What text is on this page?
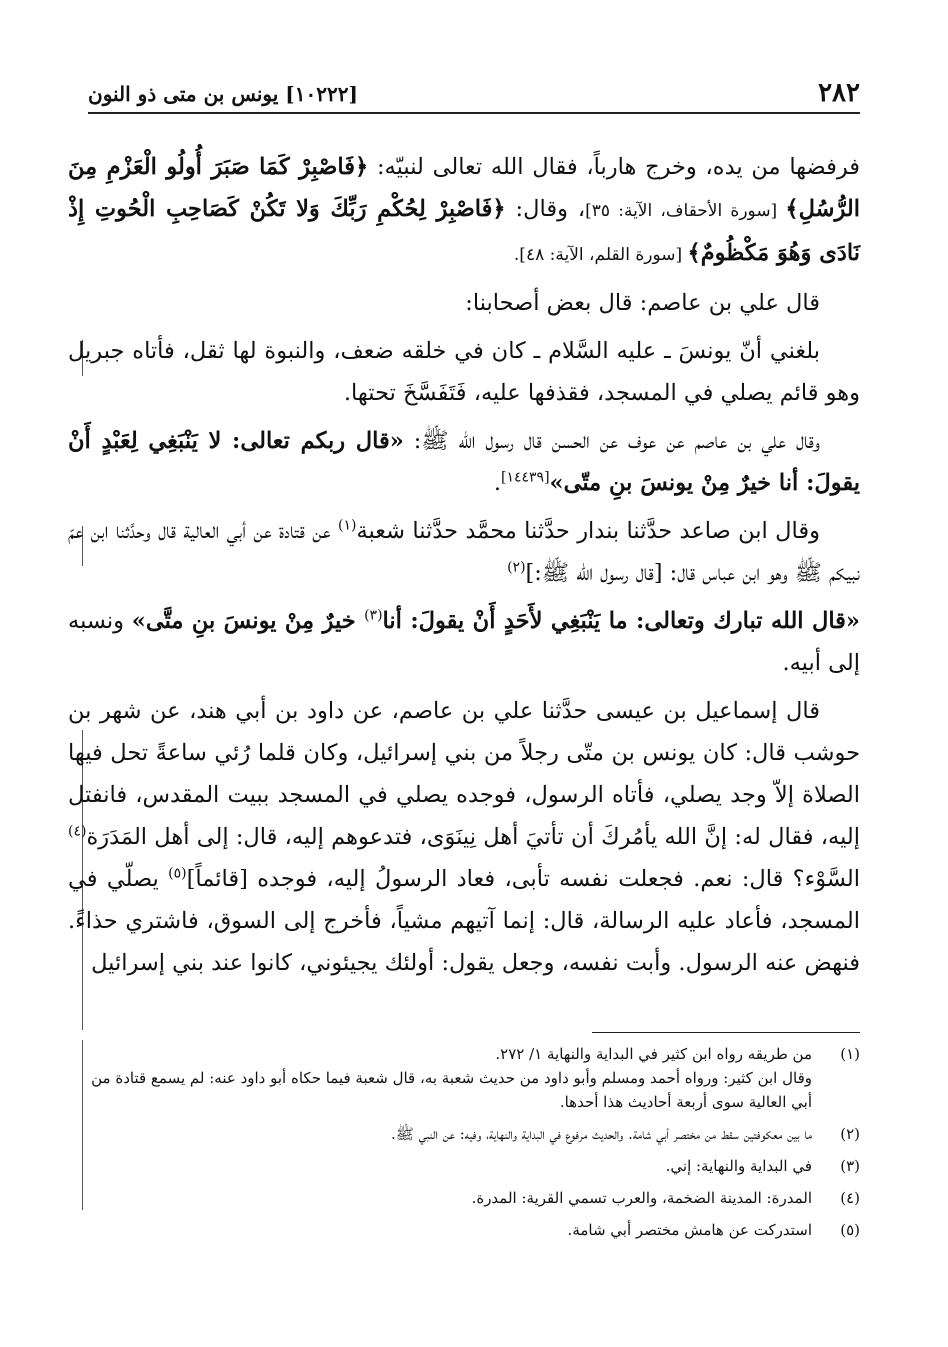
٢٨٢
[١٠٢٢٢] يونس بن متى ذو النون

فرفضها من يده، وخرج هارباً، فقال الله تعالى لنبيّه: ﴿فَاصْبِرْ كَمَا صَبَرَ أُولُو الْعَزْمِ مِنَ الرُّسُلِ﴾ [سورة الأحقاف، الآية: ٣٥]، وقال: ﴿فَاصْبِرْ لِحُكْمِ رَبِّكَ وَلا تَكُنْ كَصَاحِبِ الْحُوتِ إِذْ نَادَى وَهُوَ مَكْظُومٌ﴾ [سورة القلم، الآية: ٤٨].

قال علي بن عاصم: قال بعض أصحابنا:

بلغني أنّ يونسَ ـ عليه السَّلام ـ كان في خلقه ضعف، والنبوة لها ثقل، فأتاه جبريل وهو قائم يصلي في المسجد، فقذفها عليه، فَتَفَسَّخَ تحتها.

وقال علي بن عاصم عن عوف عن الحسن قال رسول الله ﷺ: «قال ربكم تعالى: لا يَنْبَغِي لِعَبْدٍ أَنْ يقولَ: أنا خيرٌ مِنْ يونسَ بنِ متّى»[١٤٤٣٩].

وقال ابن صاعد حدَّثنا بندار حدَّثنا محمَّد حدَّثنا شعبة$^{(١)}$ عن قتادة عن أبي العالية قال وحدَّثنا ابن عمّ نبيكم ﷺ وهو ابن عباس قال: [قال رسول الله ﷺ:]$^{(٢)}$

«قال الله تبارك وتعالى: ما يَنْبَغِي لأَحَدٍ أَنْ يقولَ: أنا$^{(٣)}$ خيرٌ مِنْ يونسَ بنِ متَّى» ونسبه إلى أبيه.

قال إسماعيل بن عيسى حدَّثنا علي بن عاصم، عن داود بن أبي هند، عن شهر بن حوشب قال: كان يونس بن متّى رجلاً من بني إسرائيل، وكان قلما رُئي ساعةً تحل فيها الصلاة إلاّ وجد يصلي، فأتاه الرسول، فوجده يصلي في المسجد ببيت المقدس، فانفتل إليه، فقال له: إنَّ الله يأمُركَ أن تأتيَ أهل نِينَوَى، فتدعوهم إليه، قال: إلى أهل المَدَرَة$^{(٤)}$ السَّوْء؟ قال: نعم. فجعلت نفسه تأبى، فعاد الرسولُ إليه، فوجده [قائماً]$^{(٥)}$ يصلّي في المسجد، فأعاد عليه الرسالة، قال: إنما آتيهم مشياً، فأخرج إلى السوق، فاشتري حذاءً. فنهض عنه الرسول. وأبت نفسه، وجعل يقول: أولئك يجيئوني، كانوا عند بني إسرائيل

(١)

من طريقه رواه ابن كثير في البداية والنهاية ١/ ٢٧٢.

وقال ابن كثير: ورواه أحمد ومسلم وأبو داود من حديث شعبة به، قال شعبة فيما حكاه أبو داود عنه: لم يسمع قتادة من أبي العالية سوى أربعة أحاديث هذا أحدها.

(٢)

ما بين معكوفتين سقط من مختصر أبي شامة. والحديث مرفوع في البداية والنهاية، وفيه: عن النبي ﷺ.

(٣)

في البداية والنهاية: إني.

(٤)

المدرة: المدينة الضخمة، والعرب تسمي القرية: المدرة.

(٥)

استدركت عن هامش مختصر أبي شامة.
